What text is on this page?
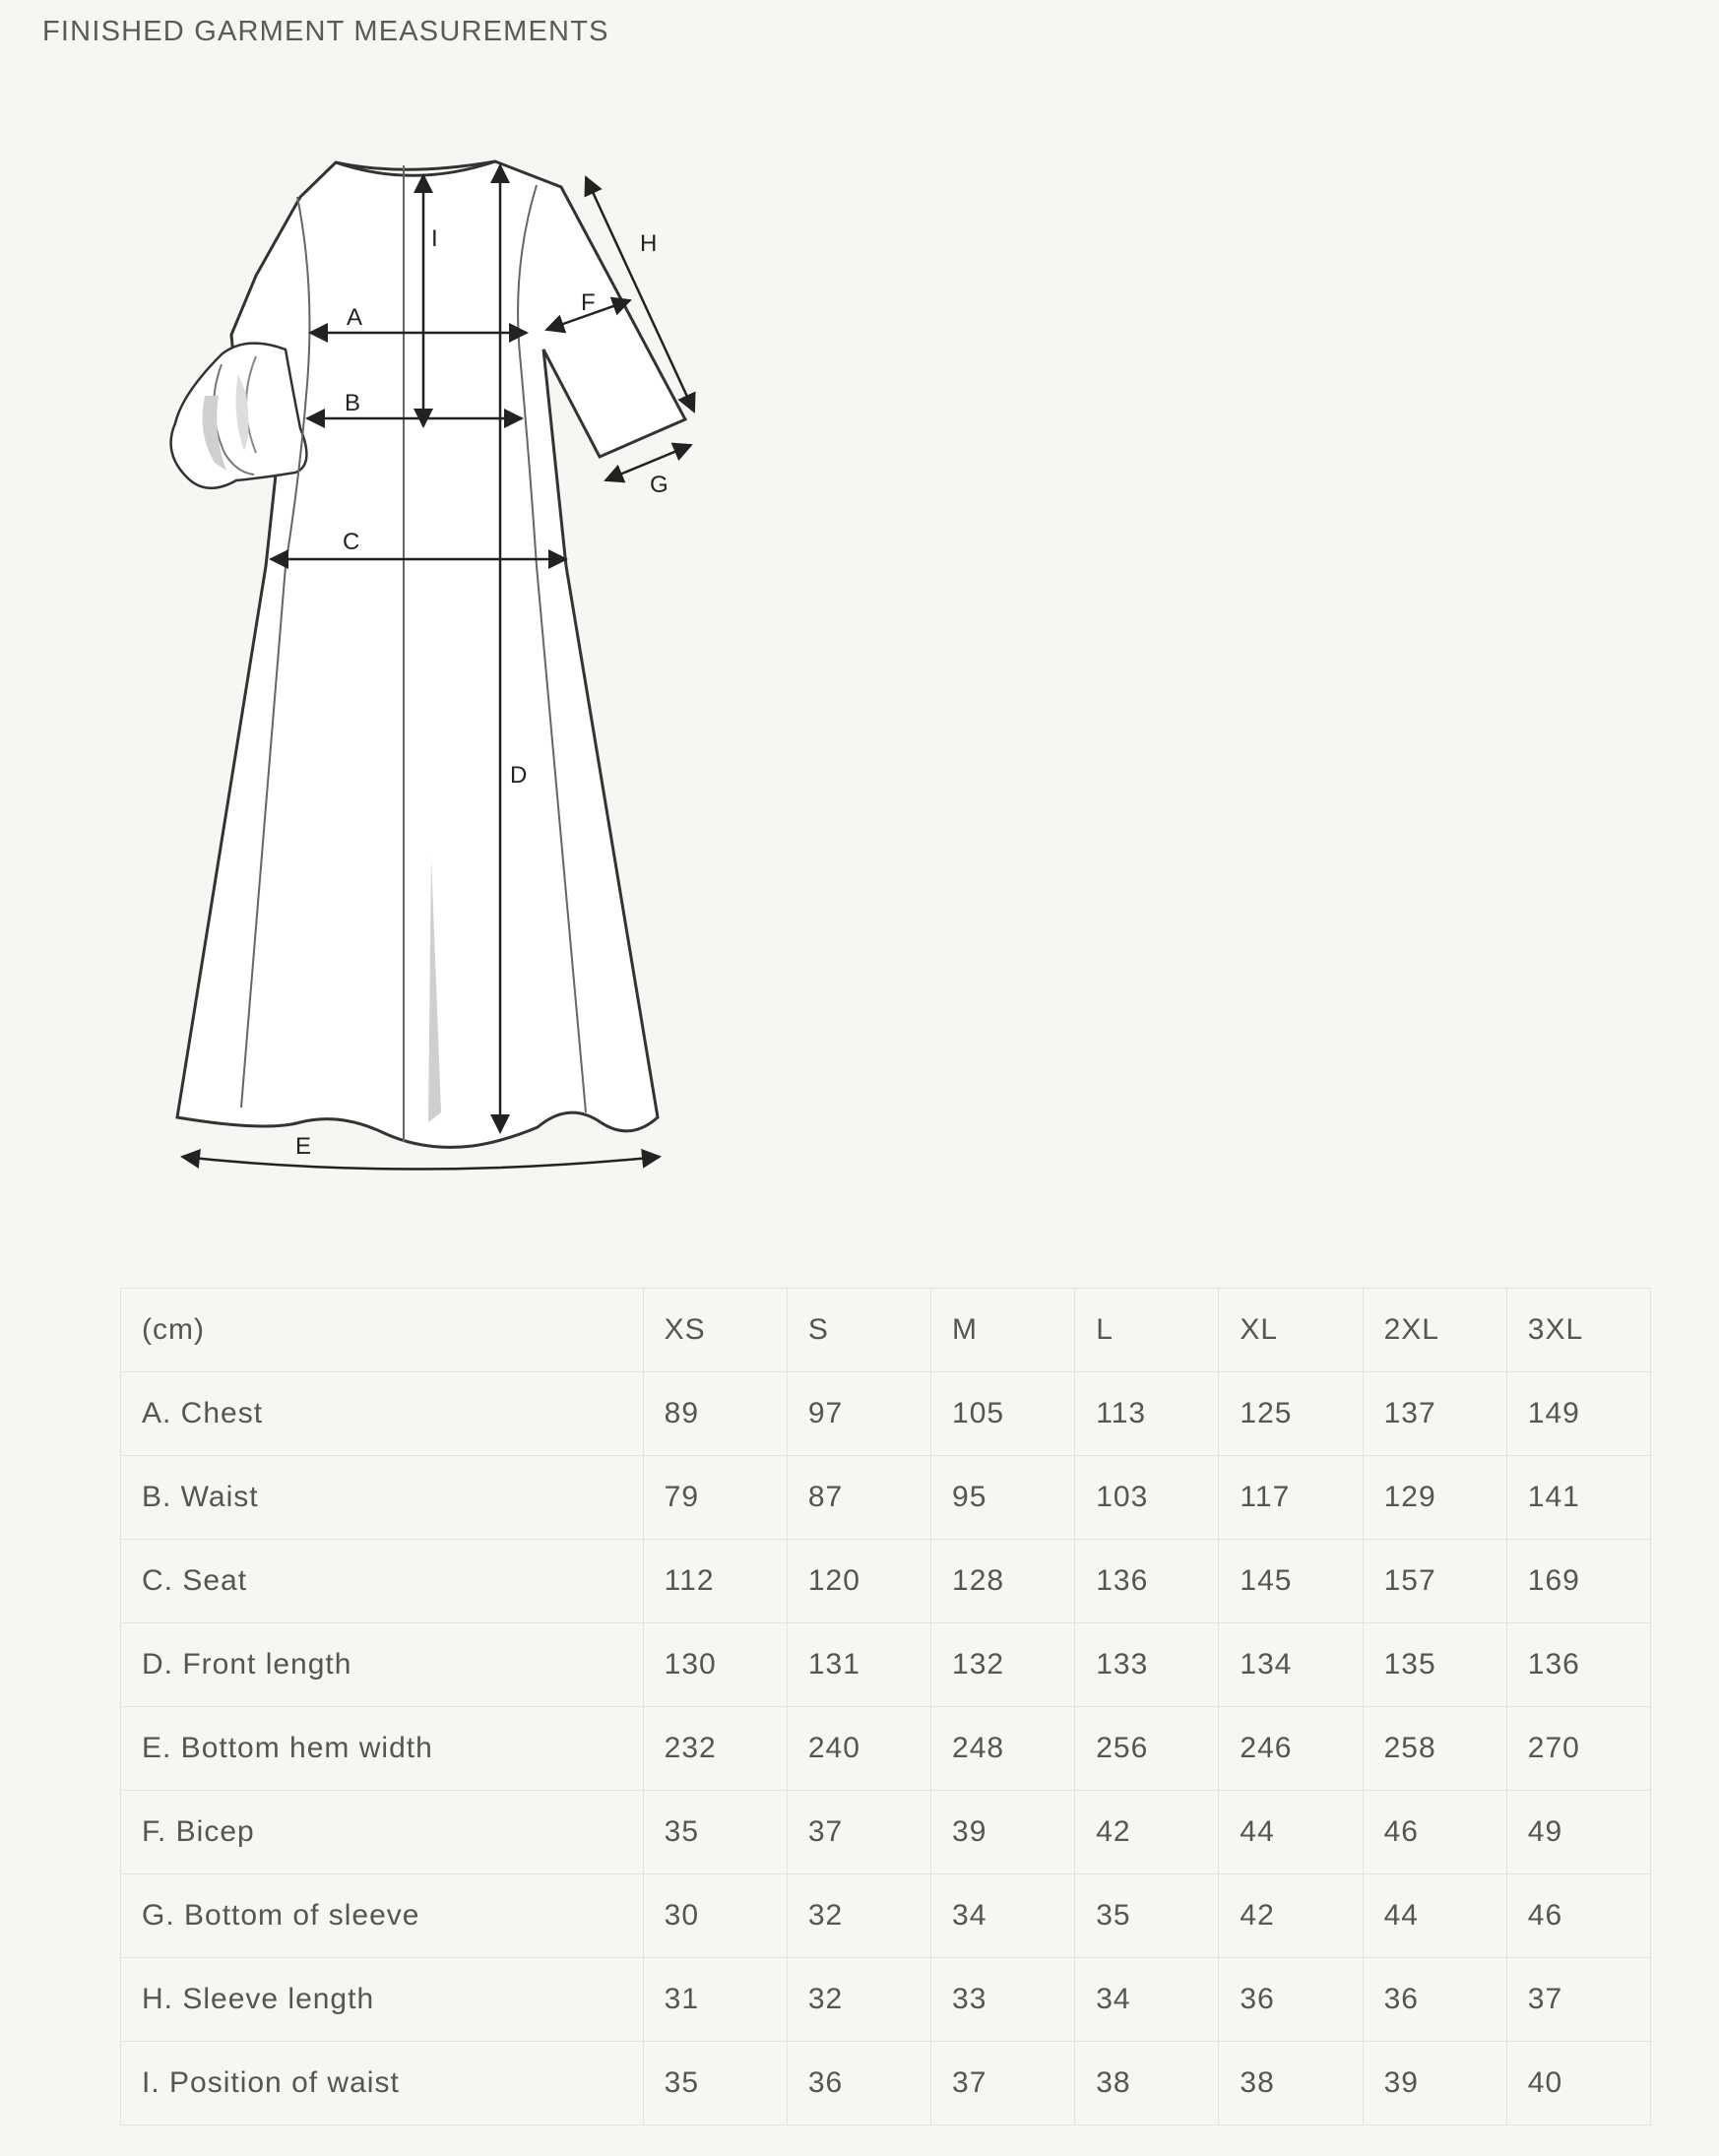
FINISHED GARMENT MEASUREMENTS
A
B
C
I
D
E
F
G
H
(cm)	XS	S	M	L	XL	2XL	3XL
A. Chest	89	97	105	113	125	137	149
B. Waist	79	87	95	103	117	129	141
C. Seat	112	120	128	136	145	157	169
D. Front length	130	131	132	133	134	135	136
E. Bottom hem width	232	240	248	256	246	258	270
F. Bicep	35	37	39	42	44	46	49
G. Bottom of sleeve	30	32	34	35	42	44	46
H. Sleeve length	31	32	33	34	36	36	37
I. Position of waist	35	36	37	38	38	39	40
